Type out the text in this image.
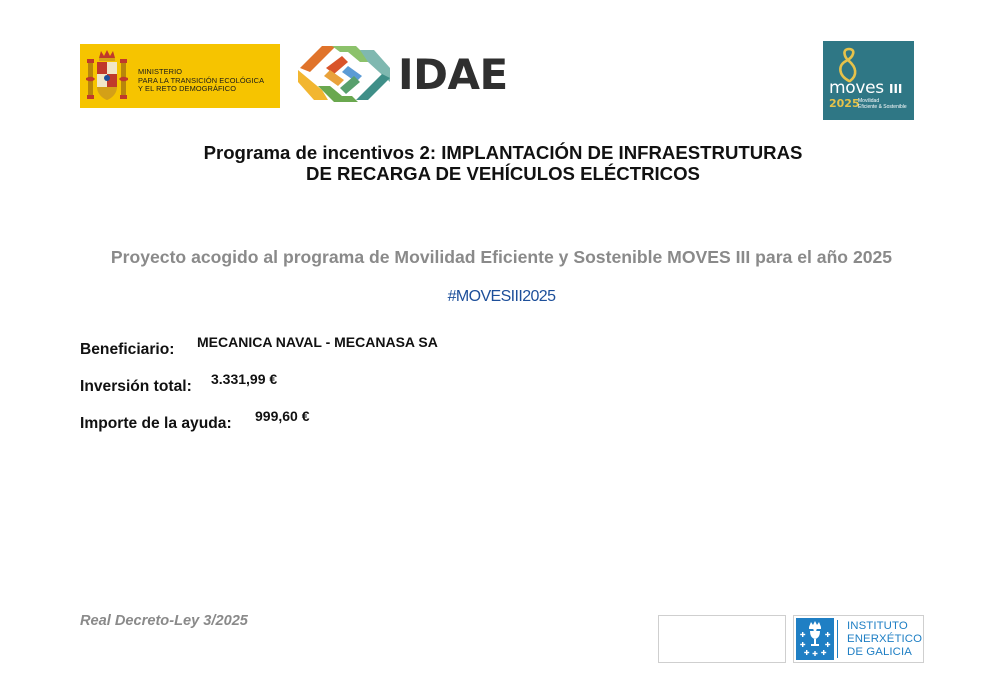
MINISTERIO
PARA LA TRANSICIÓN ECOLÓGICA
Y EL RETO DEMOGRÁFICO	IDAE	moves III
2025
Movilidad
Eficiente & Sostenible
Programa de incentivos 2: IMPLANTACIÓN DE INFRAESTRUTURAS
DE RECARGA DE VEHÍCULOS ELÉCTRICOS
Proyecto acogido al programa de Movilidad Eficiente y Sostenible MOVES III para el año 2025
#MOVESIII2025
Beneficiario: MECANICA NAVAL - MECANASA SA
Inversión total: 3.331,99 €
Importe de la ayuda: 999,60 €
Real Decreto-Ley 3/2025	INSTITUTO
ENERXÉTICO
DE GALICIA
